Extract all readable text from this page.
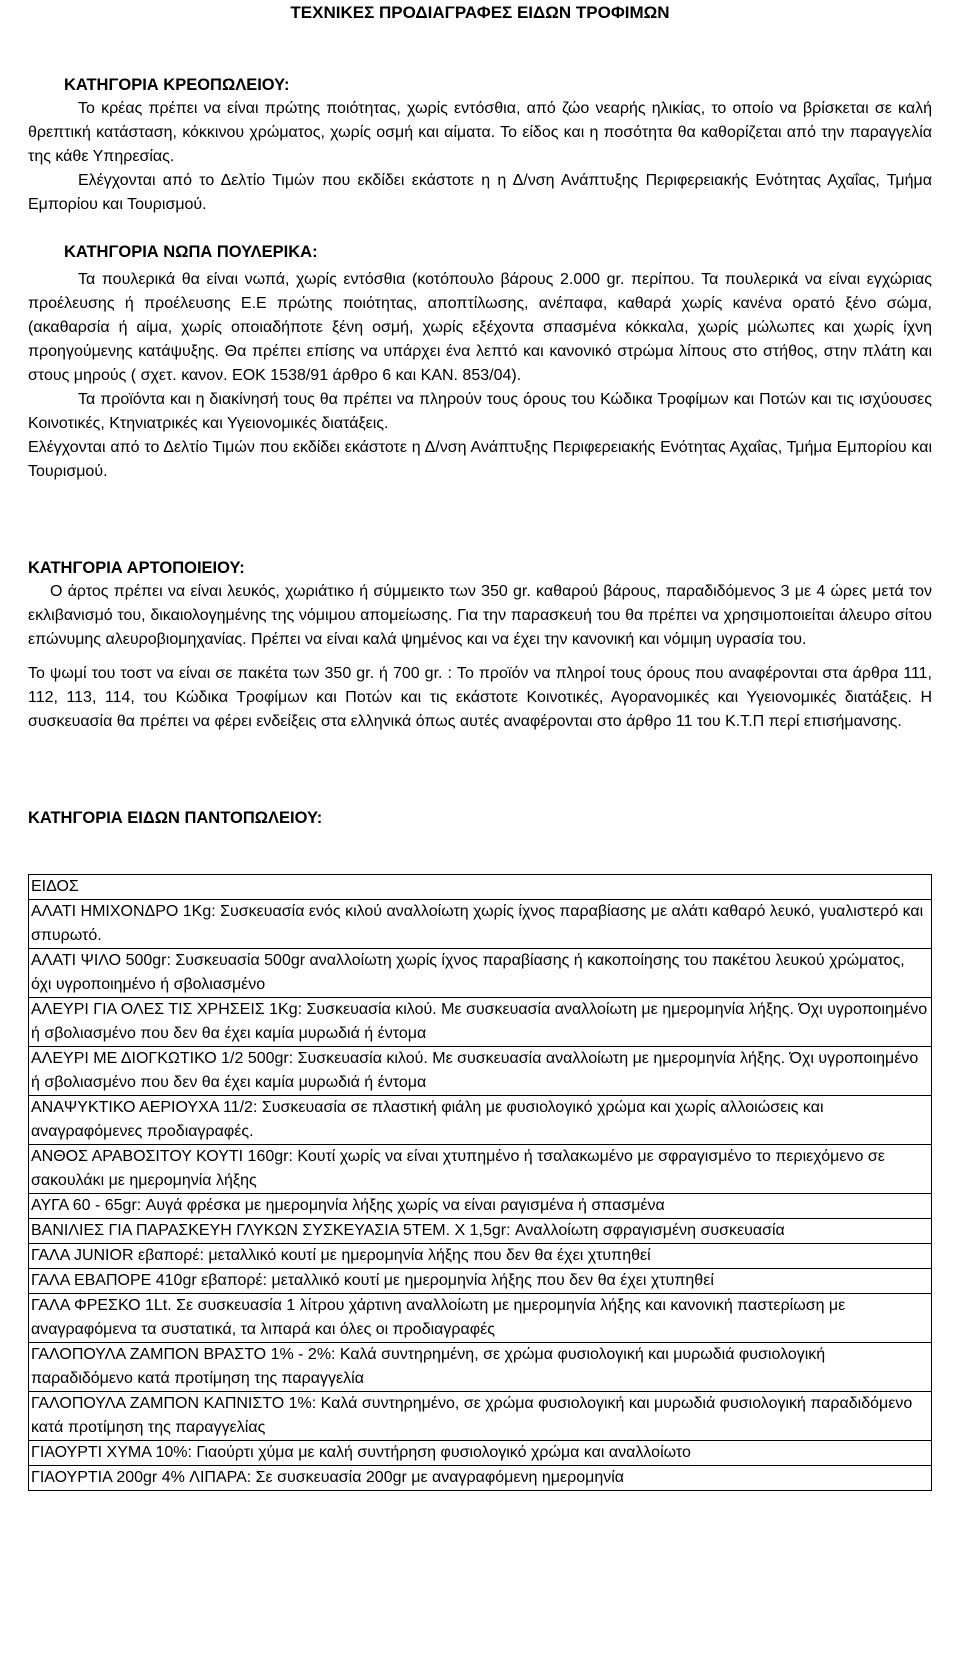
ΤΕΧΝΙΚΕΣ ΠΡΟΔΙΑΓΡΑΦΕΣ ΕΙΔΩΝ ΤΡΟΦΙΜΩΝ
ΚΑΤΗΓΟΡΙΑ ΚΡΕΟΠΩΛΕΙΟΥ:

Το κρέας πρέπει να είναι πρώτης ποιότητας, χωρίς εντόσθια, από ζώο νεαρής ηλικίας, το οποίο να βρίσκεται σε καλή θρεπτική κατάσταση, κόκκινου χρώματος, χωρίς οσμή και αίματα. Το είδος και η ποσότητα θα καθορίζεται από την παραγγελία της κάθε Υπηρεσίας.

Ελέγχονται από το Δελτίο Τιμών που εκδίδει εκάστοτε η η Δ/νση Ανάπτυξης Περιφερειακής Ενότητας Αχαΐας, Τμήμα Εμπορίου και Τουρισμού.

ΚΑΤΗΓΟΡΙΑ ΝΩΠΑ ΠΟΥΛΕΡΙΚΑ:

Τα πουλερικά θα είναι νωπά, χωρίς εντόσθια (κοτόπουλο βάρους 2.000 gr. περίπου. Τα πουλερικά να είναι εγχώριας προέλευσης ή προέλευσης Ε.Ε πρώτης ποιότητας, αποπτίλωσης, ανέπαφα, καθαρά χωρίς κανένα ορατό ξένο σώμα, (ακαθαρσία ή αίμα, χωρίς οποιαδήποτε ξένη οσμή, χωρίς εξέχοντα σπασμένα κόκκαλα, χωρίς μώλωπες και χωρίς ίχνη προηγούμενης κατάψυξης. Θα πρέπει επίσης να υπάρχει ένα λεπτό και κανονικό στρώμα λίπους στο στήθος, στην πλάτη και στους μηρούς ( σχετ. κανον. ΕΟΚ 1538/91 άρθρο 6 και ΚΑΝ. 853/04).

Τα προϊόντα και η διακίνησή τους θα πρέπει να πληρούν τους όρους του Κώδικα Τροφίμων και Ποτών και τις ισχύουσες Κοινοτικές, Κτηνιατρικές και Υγειονομικές διατάξεις.

Ελέγχονται από το Δελτίο Τιμών που εκδίδει εκάστοτε η Δ/νση Ανάπτυξης Περιφερειακής Ενότητας Αχαΐας, Τμήμα Εμπορίου και Τουρισμού.

ΚΑΤΗΓΟΡΙΑ ΑΡΤΟΠΟΙΕΙΟΥ:

Ο άρτος πρέπει να είναι λευκός, χωριάτικο ή σύμμεικτο των 350 gr. καθαρού βάρους, παραδιδόμενος 3 με 4 ώρες μετά τον εκλιβανισμό του, δικαιολογημένης της νόμιμου απομείωσης. Για την παρασκευή του θα πρέπει να χρησιμοποιείται άλευρο σίτου επώνυμης αλευροβιομηχανίας. Πρέπει να είναι καλά ψημένος και να έχει την κανονική και νόμιμη υγρασία του.

Το ψωμί του τοστ να είναι σε πακέτα των 350 gr. ή 700 gr. : Το προϊόν να πληροί τους όρους που αναφέρονται στα άρθρα 111, 112, 113, 114, του Κώδικα Τροφίμων και Ποτών και τις εκάστοτε Κοινοτικές, Αγορανομικές και Υγειονομικές διατάξεις. Η συσκευασία θα πρέπει να φέρει ενδείξεις στα ελληνικά όπως αυτές αναφέρονται στο άρθρο 11 του Κ.Τ.Π περί επισήμανσης.

ΚΑΤΗΓΟΡΙΑ ΕΙΔΩΝ ΠΑΝΤΟΠΩΛΕΙΟΥ:
ΕΙΔΟΣ
ΑΛΑΤΙ ΗΜΙΧΟΝΔΡΟ 1Kg: Συσκευασία ενός κιλού αναλλοίωτη χωρίς ίχνος παραβίασης με αλάτι καθαρό λευκό, γυαλιστερό και σπυρωτό.
ΑΛΑΤΙ ΨΙΛΟ 500gr: Συσκευασία 500gr αναλλοίωτη χωρίς ίχνος παραβίασης ή κακοποίησης του πακέτου λευκού χρώματος, όχι υγροποιημένο ή σβολιασμένο
ΑΛΕΥΡΙ ΓΙΑ ΟΛΕΣ ΤΙΣ ΧΡΗΣΕΙΣ 1Kg: Συσκευασία κιλού. Με συσκευασία αναλλοίωτη με ημερομηνία λήξης. Όχι υγροποιημένο ή σβολιασμένο που δεν θα έχει καμία μυρωδιά ή έντομα
ΑΛΕΥΡΙ ΜΕ ΔΙΟΓΚΩΤΙΚΟ 1/2 500gr: Συσκευασία κιλού. Με συσκευασία αναλλοίωτη με ημερομηνία λήξης. Όχι υγροποιημένο ή σβολιασμένο που δεν θα έχει καμία μυρωδιά ή έντομα
ΑΝΑΨΥΚΤΙΚΟ ΑΕΡΙΟΥΧΑ 11/2: Συσκευασία σε πλαστική φιάλη με φυσιολογικό χρώμα και χωρίς αλλοιώσεις και αναγραφόμενες προδιαγραφές.
ΑΝΘΟΣ ΑΡΑΒΟΣΙΤΟΥ ΚΟΥΤΙ 160gr: Κουτί χωρίς να είναι χτυπημένο ή τσαλακωμένο με σφραγισμένο το περιεχόμενο σε σακουλάκι με ημερομηνία λήξης
ΑΥΓΑ 60 - 65gr: Αυγά φρέσκα με ημερομηνία λήξης χωρίς να είναι ραγισμένα ή σπασμένα
ΒΑΝΙΛΙΕΣ ΓΙΑ ΠΑΡΑΣΚΕΥΗ ΓΛΥΚΩΝ ΣΥΣΚΕΥΑΣΙΑ 5ΤΕΜ. Χ 1,5gr: Αναλλοίωτη σφραγισμένη συσκευασία
ΓΑΛΑ JUNIOR εβαπορέ: μεταλλικό κουτί με ημερομηνία λήξης που δεν θα έχει χτυπηθεί
ΓΑΛΑ ΕΒΑΠΟΡΕ 410gr εβαπορέ: μεταλλικό κουτί με ημερομηνία λήξης που δεν θα έχει χτυπηθεί
ΓΑΛΑ ΦΡΕΣΚΟ 1Lt. Σε συσκευασία 1 λίτρου χάρτινη αναλλοίωτη με ημερομηνία λήξης και κανονική παστερίωση με αναγραφόμενα τα συστατικά, τα λιπαρά και όλες οι προδιαγραφές
ΓΑΛΟΠΟΥΛΑ ΖΑΜΠΟΝ ΒΡΑΣΤΟ 1% - 2%: Καλά συντηρημένη, σε χρώμα φυσιολογική και μυρωδιά φυσιολογική παραδιδόμενο κατά προτίμηση της παραγγελία
ΓΑΛΟΠΟΥΛΑ ΖΑΜΠΟΝ ΚΑΠΝΙΣΤΟ 1%: Καλά συντηρημένο, σε χρώμα φυσιολογική και μυρωδιά φυσιολογική παραδιδόμενο κατά προτίμηση της παραγγελίας
ΓΙΑΟΥΡΤΙ ΧΥΜΑ 10%: Γιαούρτι χύμα με καλή συντήρηση φυσιολογικό χρώμα και αναλλοίωτο
ΓΙΑΟΥΡΤΙΑ 200gr 4% ΛΙΠΑΡΑ: Σε συσκευασία 200gr με αναγραφόμενη ημερομηνία
